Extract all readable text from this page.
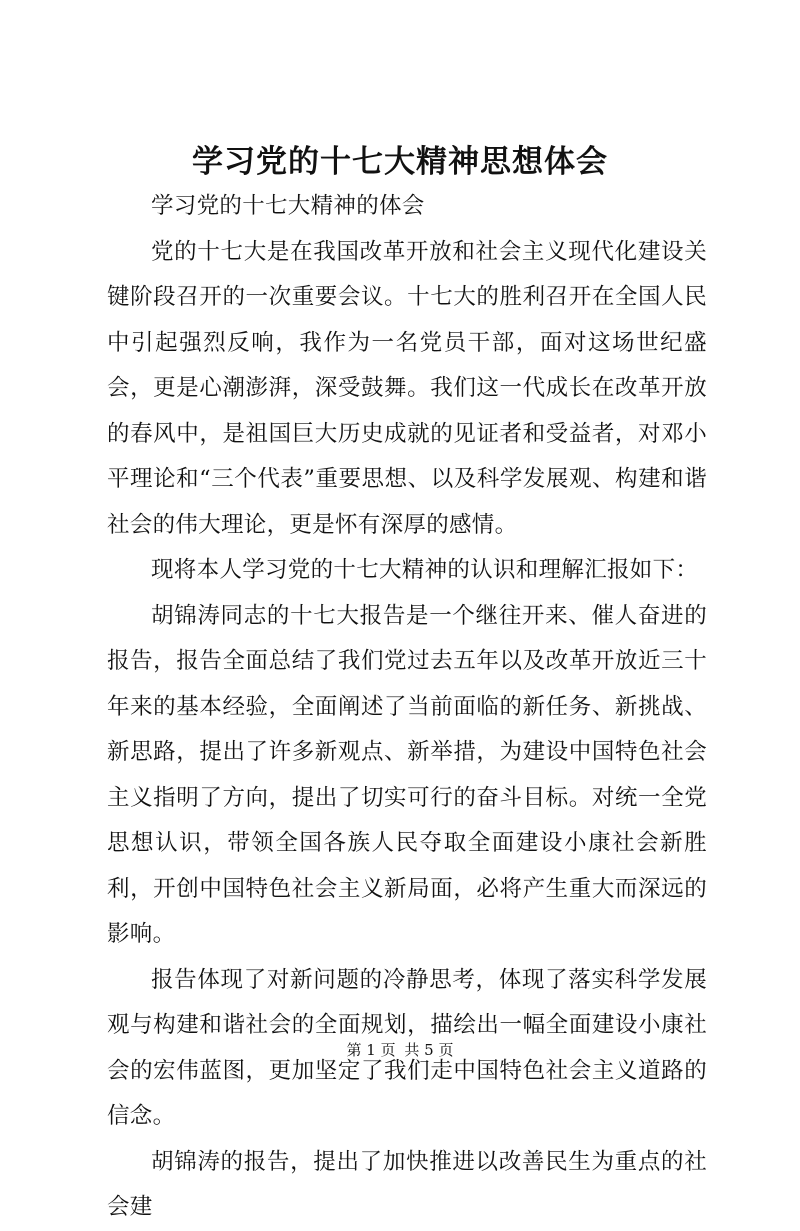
学习党的十七大精神思想体会

学习党的十七大精神的体会

党的十七大是在我国改革开放和社会主义现代化建设关键阶段召开的一次重要会议。十七大的胜利召开在全国人民中引起强烈反响，我作为一名党员干部，面对这场世纪盛会，更是心潮澎湃，深受鼓舞。我们这一代成长在改革开放的春风中，是祖国巨大历史成就的见证者和受益者，对邓小平理论和“三个代表”重要思想、以及科学发展观、构建和谐社会的伟大理论，更是怀有深厚的感情。

现将本人学习党的十七大精神的认识和理解汇报如下：

胡锦涛同志的十七大报告是一个继往开来、催人奋进的报告，报告全面总结了我们党过去五年以及改革开放近三十年来的基本经验，全面阐述了当前面临的新任务、新挑战、新思路，提出了许多新观点、新举措，为建设中国特色社会主义指明了方向，提出了切实可行的奋斗目标。对统一全党思想认识，带领全国各族人民夺取全面建设小康社会新胜利，开创中国特色社会主义新局面，必将产生重大而深远的影响。

报告体现了对新问题的冷静思考，体现了落实科学发展观与构建和谐社会的全面规划，描绘出一幅全面建设小康社会的宏伟蓝图，更加坚定了我们走中国特色社会主义道路的信念。

胡锦涛的报告，提出了加快推进以改善民生为重点的社会建

第 1 页 共 5 页
